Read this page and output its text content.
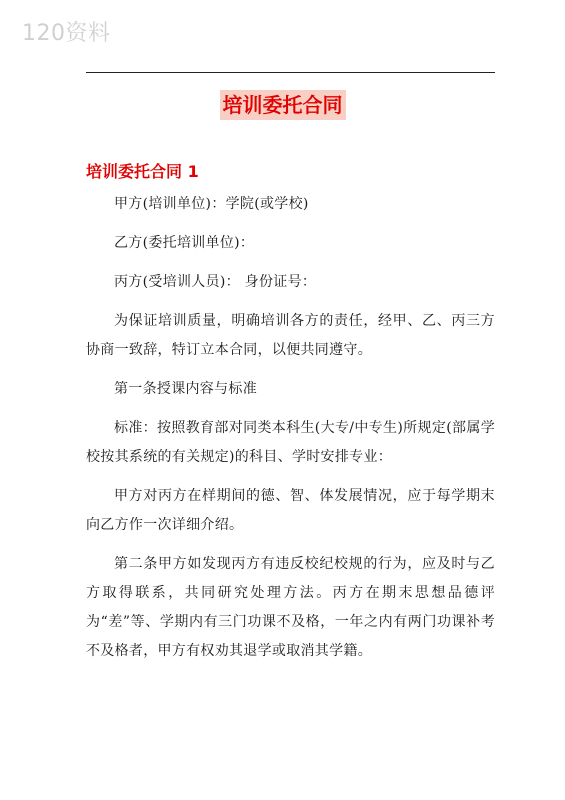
120资料
培训委托合同
培训委托合同 1

甲方(培训单位)：学院(或学校)

乙方(委托培训单位)：

丙方(受培训人员)： 身份证号：

为保证培训质量，明确培训各方的责任，经甲、乙、丙三方协商一致辞，特订立本合同，以便共同遵守。

第一条授课内容与标准

标准：按照教育部对同类本科生(大专/中专生)所规定(部属学校按其系统的有关规定)的科目、学时安排专业：

甲方对丙方在样期间的德、智、体发展情况，应于每学期末向乙方作一次详细介绍。

第二条甲方如发现丙方有违反校纪校规的行为，应及时与乙方取得联系，共同研究处理方法。丙方在期末思想品德评为“差”等、学期内有三门功课不及格，一年之内有两门功课补考不及格者，甲方有权劝其退学或取消其学籍。
